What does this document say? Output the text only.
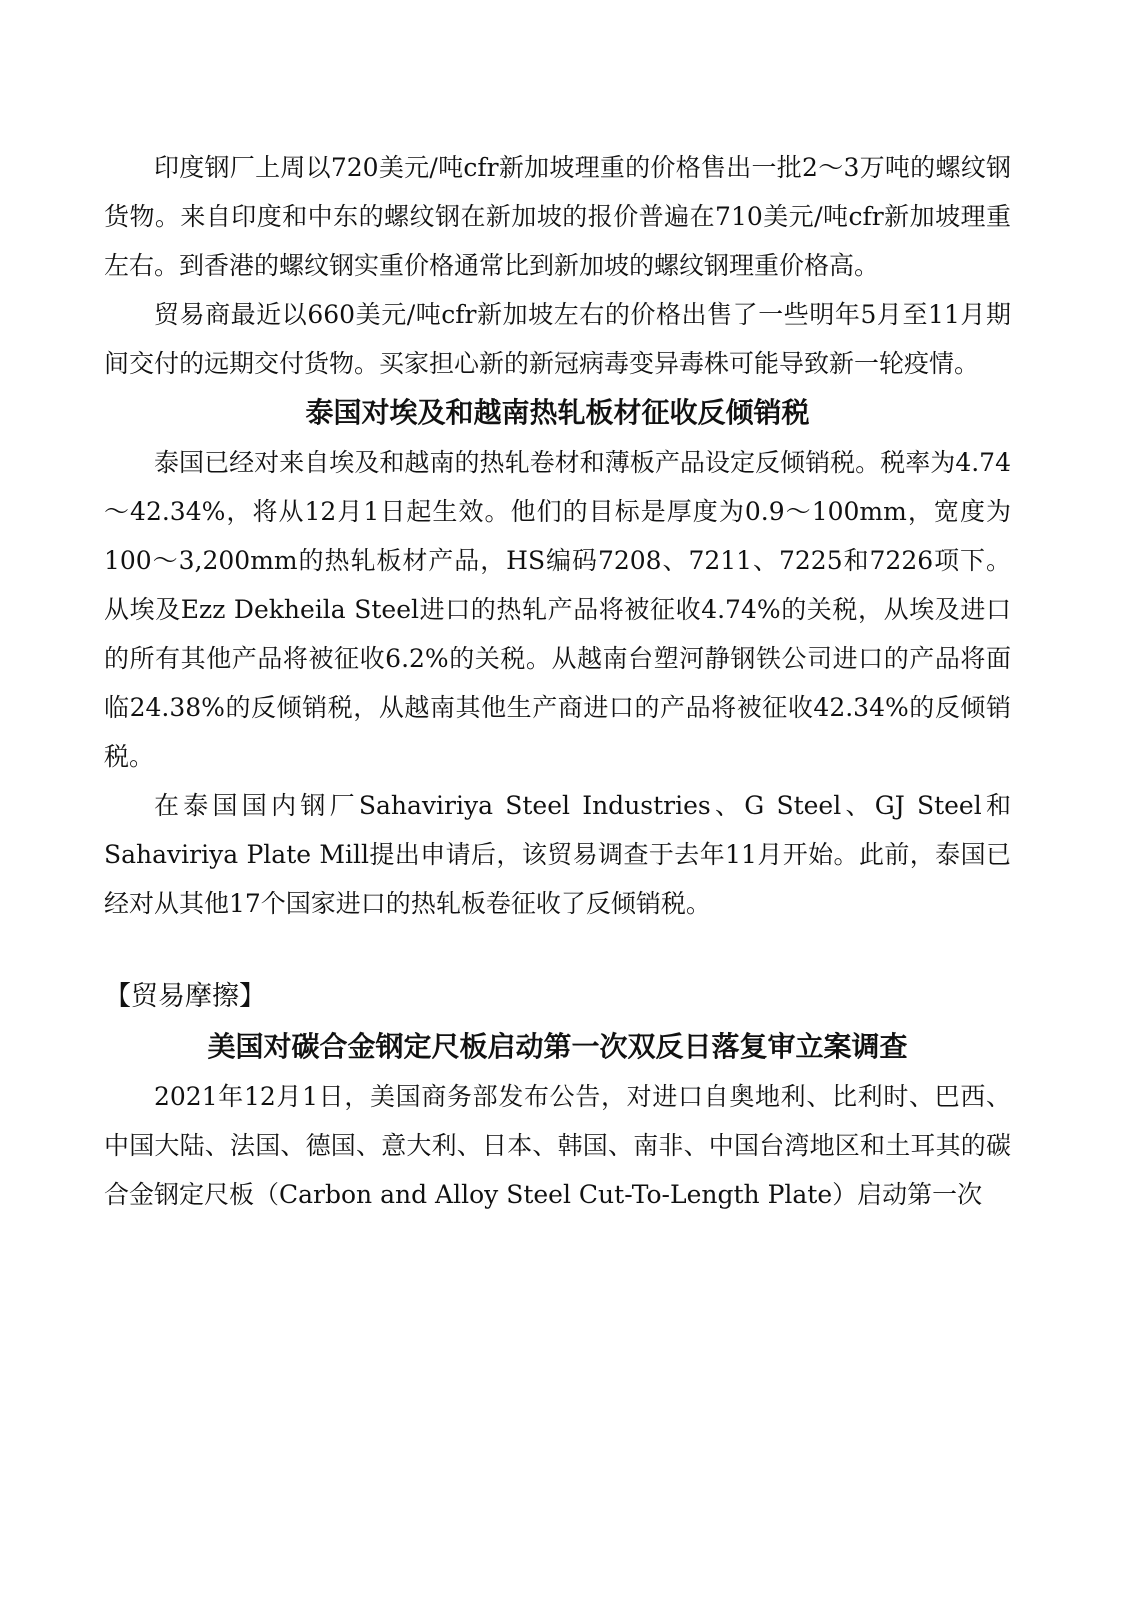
印度钢厂上周以720美元/吨cfr新加坡理重的价格售出一批2～3万吨的螺纹钢货物。来自印度和中东的螺纹钢在新加坡的报价普遍在710美元/吨cfr新加坡理重左右。到香港的螺纹钢实重价格通常比到新加坡的螺纹钢理重价格高。

贸易商最近以660美元/吨cfr新加坡左右的价格出售了一些明年5月至11月期间交付的远期交付货物。买家担心新的新冠病毒变异毒株可能导致新一轮疫情。

泰国对埃及和越南热轧板材征收反倾销税

泰国已经对来自埃及和越南的热轧卷材和薄板产品设定反倾销税。税率为4.74～42.34%，将从12月1日起生效。他们的目标是厚度为0.9～100mm，宽度为100～3,200mm的热轧板材产品，HS编码7208、7211、7225和7226项下。从埃及Ezz Dekheila Steel进口的热轧产品将被征收4.74%的关税，从埃及进口的所有其他产品将被征收6.2%的关税。从越南台塑河静钢铁公司进口的产品将面临24.38%的反倾销税，从越南其他生产商进口的产品将被征收42.34%的反倾销税。

在泰国国内钢厂Sahaviriya Steel Industries、G Steel、GJ Steel和Sahaviriya Plate Mill提出申请后，该贸易调查于去年11月开始。此前，泰国已经对从其他17个国家进口的热轧板卷征收了反倾销税。

【贸易摩擦】

美国对碳合金钢定尺板启动第一次双反日落复审立案调查

2021年12月1日，美国商务部发布公告，对进口自奥地利、比利时、巴西、中国大陆、法国、德国、意大利、日本、韩国、南非、中国台湾地区和土耳其的碳合金钢定尺板（Carbon and Alloy Steel Cut-To-Length Plate）启动第一次
